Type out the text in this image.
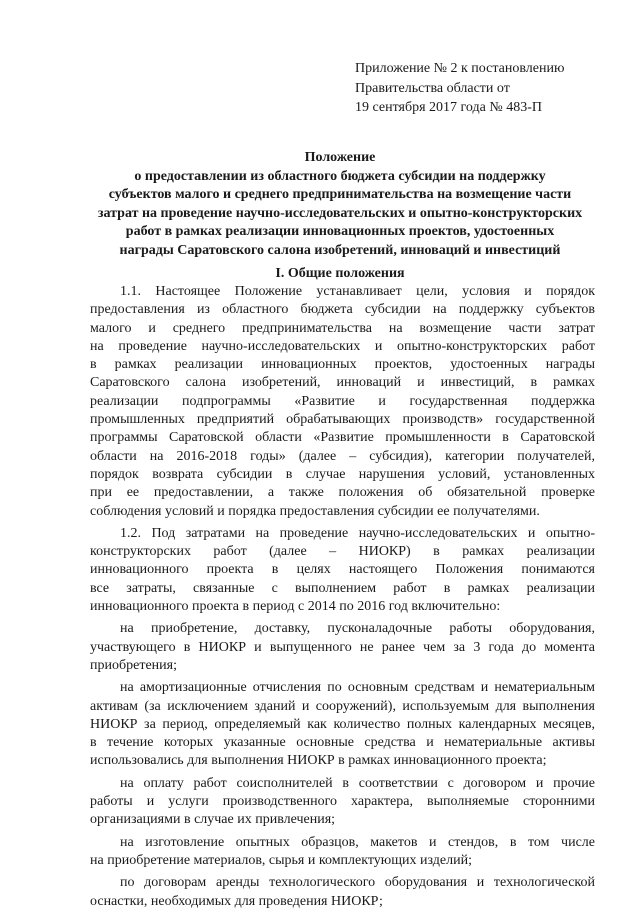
Приложение № 2 к постановлению
Правительства области от
19 сентября 2017 года № 483-П
Положение
о предоставлении из областного бюджета субсидии на поддержку
субъектов малого и среднего предпринимательства на возмещение части
затрат на проведение научно-исследовательских и опытно-конструкторских
работ в рамках реализации инновационных проектов, удостоенных
награды Саратовского салона изобретений, инноваций и инвестиций
I. Общие положения
1.1. Настоящее Положение устанавливает цели, условия и порядок
предоставления из областного бюджета субсидии на поддержку субъектов
малого и среднего предпринимательства на возмещение части затрат
на проведение научно-исследовательских и опытно-конструкторских работ
в рамках реализации инновационных проектов, удостоенных награды
Саратовского салона изобретений, инноваций и инвестиций, в рамках
реализации подпрограммы «Развитие и государственная поддержка
промышленных предприятий обрабатывающих производств» государственной
программы Саратовской области «Развитие промышленности в Саратовской
области на 2016-2018 годы» (далее – субсидия), категории получателей,
порядок возврата субсидии в случае нарушения условий, установленных
при ее предоставлении, а также положения об обязательной проверке
соблюдения условий и порядка предоставления субсидии ее получателями.
1.2. Под затратами на проведение научно-исследовательских и опытно-
конструкторских работ (далее – НИОКР) в рамках реализации
инновационного проекта в целях настоящего Положения понимаются
все затраты, связанные с выполнением работ в рамках реализации
инновационного проекта в период с 2014 по 2016 год включительно:
на приобретение, доставку, пусконаладочные работы оборудования,
участвующего в НИОКР и выпущенного не ранее чем за 3 года до момента
приобретения;
на амортизационные отчисления по основным средствам и нематериальным
активам (за исключением зданий и сооружений), используемым для выполнения
НИОКР за период, определяемый как количество полных календарных месяцев,
в течение которых указанные основные средства и нематериальные активы
использовались для выполнения НИОКР в рамках инновационного проекта;
на оплату работ соисполнителей в соответствии с договором и прочие
работы и услуги производственного характера, выполняемые сторонними
организациями в случае их привлечения;
на изготовление опытных образцов, макетов и стендов, в том числе
на приобретение материалов, сырья и комплектующих изделий;
по договорам аренды технологического оборудования и технологической
оснастки, необходимых для проведения НИОКР;
